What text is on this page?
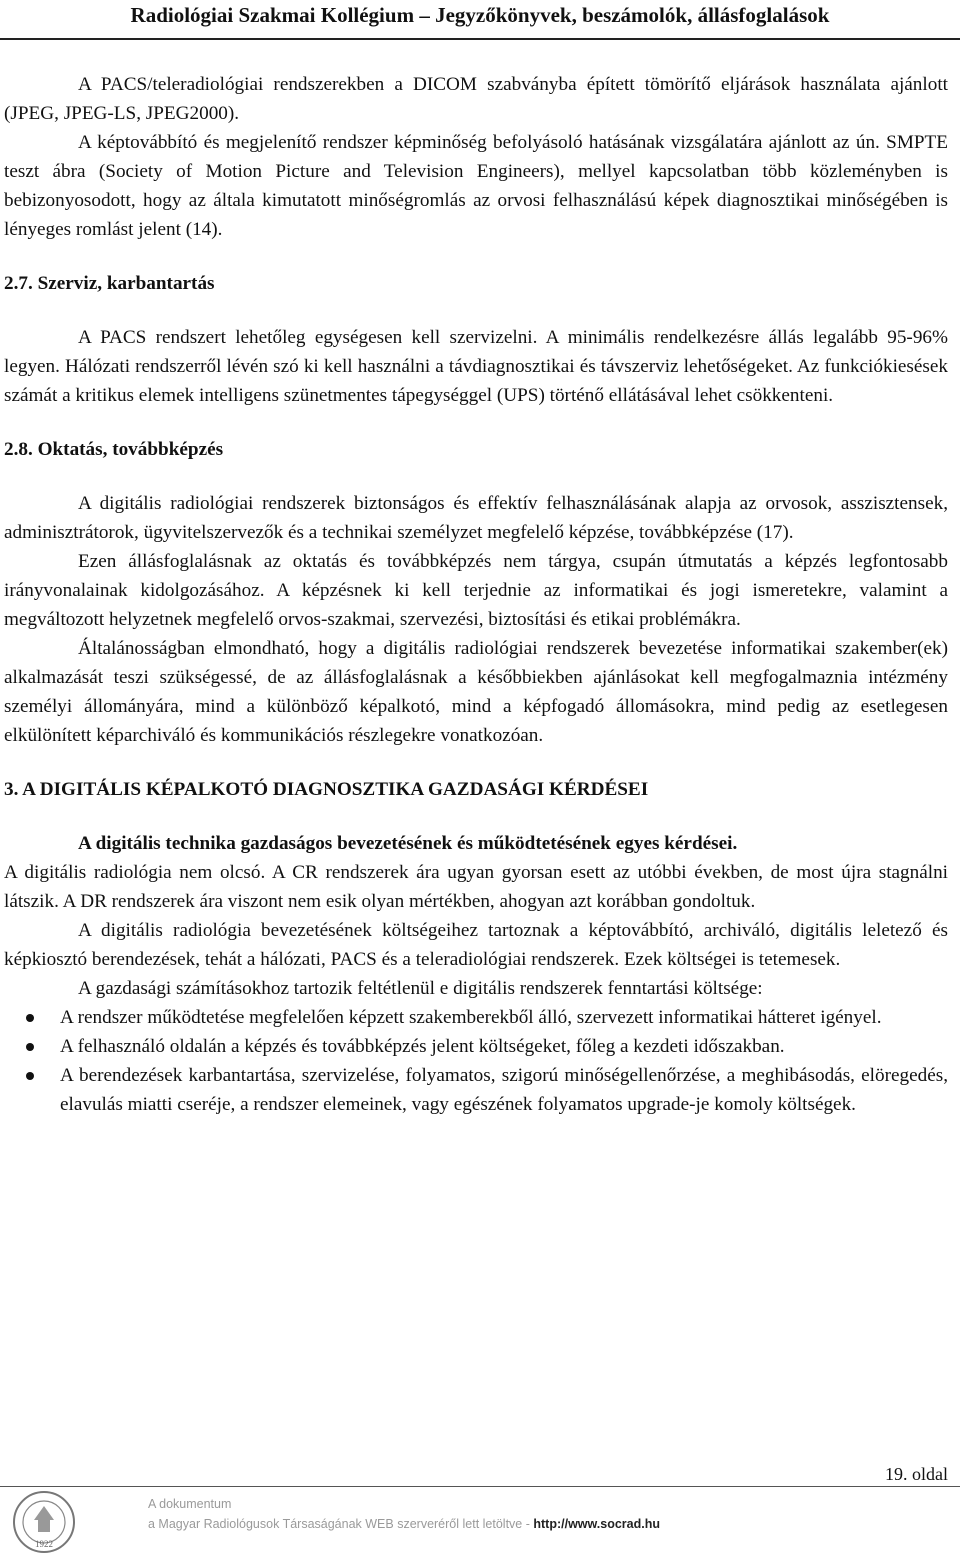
Radiológiai Szakmai Kollégium – Jegyzőkönyvek, beszámolók, állásfoglalások

A PACS/teleradiológiai rendszerekben a DICOM szabványba épített tömörítő eljárások használata ajánlott (JPEG, JPEG-LS, JPEG2000).

A képtovábbító és megjelenítő rendszer képminőség befolyásoló hatásának vizsgálatára ajánlott az ún. SMPTE teszt ábra (Society of Motion Picture and Television Engineers), mellyel kapcsolatban több közleményben is bebizonyosodott, hogy az általa kimutatott minőségromlás az orvosi felhasználású képek diagnosztikai minőségében is lényeges romlást jelent (14).

2.7. Szerviz, karbantartás

A PACS rendszert lehetőleg egységesen kell szervizelni. A minimális rendelkezésre állás legalább 95-96% legyen. Hálózati rendszerről lévén szó ki kell használni a távdiagnosztikai és távszerviz lehetőségeket. Az funkciókiesések számát a kritikus elemek intelligens szünetmentes tápegységgel (UPS) történő ellátásával lehet csökkenteni.

2.8. Oktatás, továbbképzés

A digitális radiológiai rendszerek biztonságos és effektív felhasználásának alapja az orvosok, asszisztensek, adminisztrátorok, ügyvitelszervezők és a technikai személyzet megfelelő képzése, továbbképzése (17).

Ezen állásfoglalásnak az oktatás és továbbképzés nem tárgya, csupán útmutatás a képzés legfontosabb irányvonalainak kidolgozásához. A képzésnek ki kell terjednie az informatikai és jogi ismeretekre, valamint a megváltozott helyzetnek megfelelő orvos-szakmai, szervezési, biztosítási és etikai problémákra.

Általánosságban elmondható, hogy a digitális radiológiai rendszerek bevezetése informatikai szakember(ek) alkalmazását teszi szükségessé, de az állásfoglalásnak a későbbiekben ajánlásokat kell megfogalmaznia intézmény személyi állományára, mind a különböző képalkotó, mind a képfogadó állomásokra, mind pedig az esetlegesen elkülönített képarchiváló és kommunikációs részlegekre vonatkozóan.

3. A DIGITÁLIS KÉPALKOTÓ DIAGNOSZTIKA GAZDASÁGI KÉRDÉSEI

A digitális technika gazdaságos bevezetésének és működtetésének egyes kérdései.

A digitális radiológia nem olcsó. A CR rendszerek ára ugyan gyorsan esett az utóbbi években, de most újra stagnálni látszik. A DR rendszerek ára viszont nem esik olyan mértékben, ahogyan azt korábban gondoltuk.

A digitális radiológia bevezetésének költségeihez tartoznak a képtovábbító, archiváló, digitális leletező és képkiosztó berendezések, tehát a hálózati, PACS és a teleradiológiai rendszerek. Ezek költségei is tetemesek.

A gazdasági számításokhoz tartozik feltétlenül e digitális rendszerek fenntartási költsége:

A rendszer működtetése megfelelően képzett szakemberekből álló, szervezett informatikai hátteret igényel.
A felhasználó oldalán a képzés és továbbképzés jelent költségeket, főleg a kezdeti időszakban.
A berendezések karbantartása, szervizelése, folyamatos, szigorú minőségellenőrzése, a meghibásodás, elöregedés, elavulás miatti cseréje, a rendszer elemeinek, vagy egészének folyamatos upgrade-je komoly költségek.
19. oldal
1922
A dokumentum
a Magyar Radiológusok Társaságának WEB szerveréről lett letöltve - http://www.socrad.hu
